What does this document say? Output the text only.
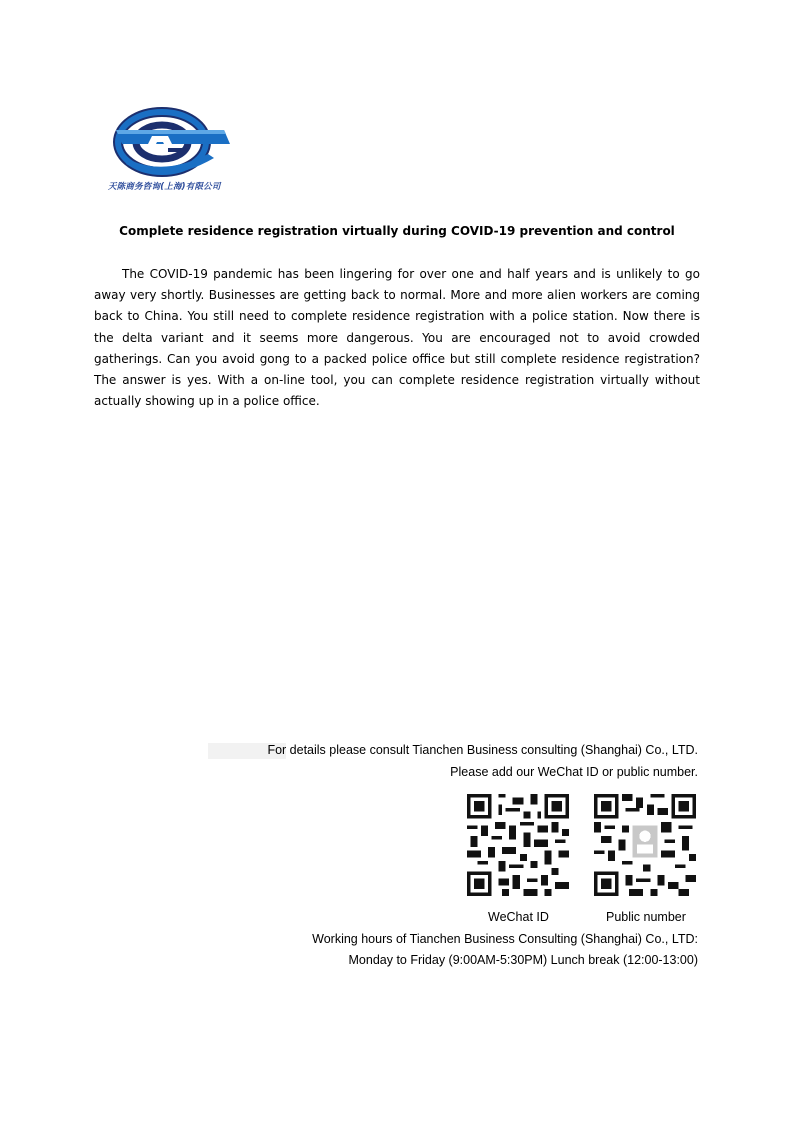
天陈商务咨询(上海)有限公司
Complete residence registration virtually during COVID-19 prevention and control
The COVID-19 pandemic has been lingering for over one and half years and is unlikely to go away very shortly. Businesses are getting back to normal. More and more alien workers are coming back to China. You still need to complete residence registration with a police station. Now there is the delta variant and it seems more dangerous. You are encouraged not to avoid crowded gatherings. Can you avoid gong to a packed police office but still complete residence registration? The answer is yes. With a on-line tool, you can complete residence registration virtually without actually showing up in a police office.
For details please consult Tianchen Business consulting (Shanghai) Co., LTD.
Please add our WeChat ID or public number.
WeChat ID	Public number
Working hours of Tianchen Business Consulting (Shanghai) Co., LTD:
Monday to Friday (9:00AM-5:30PM) Lunch break (12:00-13:00)
